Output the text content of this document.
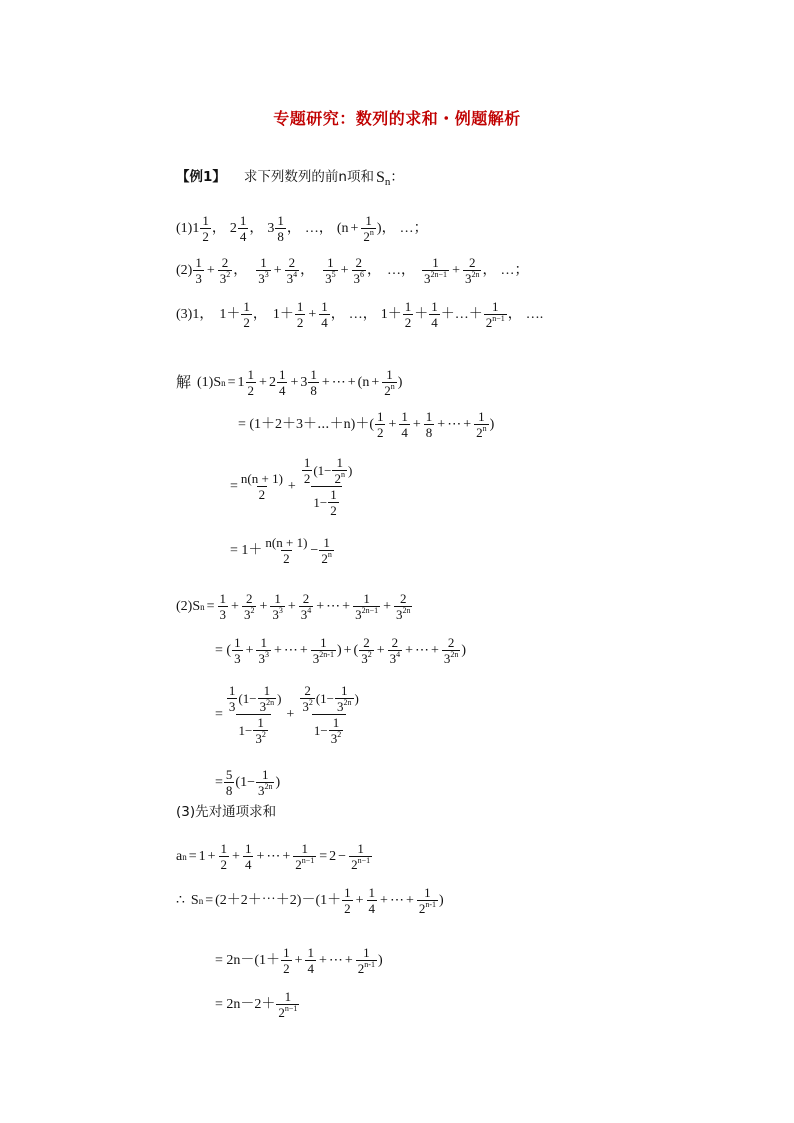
专题研究：数列的求和・例题解析
【例1】 求下列数列的前n项和 $S_n$ ：
$(1)1 \frac{1}{2}$ ， $2 \frac{1}{4}$ ， $3 \frac{1}{8}$ ， …， ($n + \frac{1}{2^n}$ )， …；
$(2) \frac{1}{3} + \frac{2}{3^2}$ ， $\frac{1}{3^3} + \frac{2}{3^4}$ ， $\frac{1}{3^5} + \frac{2}{3^6}$ ， …， $\frac{1}{3^{2n-1}} + \frac{2}{3^{2n}}$ ， …；
(3)1， $1+ \frac{1}{2}$ ， $1+ \frac{1}{2} + \frac{1}{4}$ ， …， $1+ \frac{1}{2} + \frac{1}{4}$ ＋…＋ $\frac{1}{2^{n-1}}$ ， ….
解 (1)S $n = 1 \frac{1}{2} + 2 \frac{1}{4} + 3 \frac{1}{8}$ + ⋯ + ($n + \frac{1}{2^n}$ )
= (1＋2＋3＋⋯＋n)＋( $\frac{1}{2} + \frac{1}{4} + \frac{1}{8}$ + ⋯ + $\frac{1}{2^n}$ )
= $\frac{n(n + 1)}{2} + \frac{\frac{1}{2} (1- \frac{1}{2^n} )}{1- \frac{1}{2}}$
= $1+ \frac{n(n + 1)}{2} - \frac{1}{2^n}$
(2)S $n = \frac{1}{3} + \frac{2}{3^2} + \frac{1}{3^3} + \frac{2}{3^4}$ + ⋯ + $\frac{1}{3^{2n-1}} + \frac{2}{3^{2n}}$
= ( $\frac{1}{3} + \frac{1}{3^3}$ + ⋯ + $\frac{1}{3^{2n-1}}$ ) + ( $\frac{2}{3^2} + \frac{2}{3^4}$ + ⋯ + $\frac{2}{3^{2n}}$ )
= $\frac{\frac{1}{3} (1- \frac{1}{3^{2n}} )}{1- \frac{1}{3^2}} + \frac{\frac{2}{3^2} (1- \frac{1}{3^{2n}} )}{1- \frac{1}{3^2}}$
= $\frac{5}{8} (1- \frac{1}{3^{2n}}$ )
(3)先对通项求和
a $n = 1 + \frac{1}{2} + \frac{1}{4}$ + ⋯ + $\frac{1}{2^{n-1}} = 2 - \frac{1}{2^{n-1}}$
∴ S n = (2＋2＋⋯＋2)－(1＋ $\frac{1}{2} + \frac{1}{4}$ + ⋯ + $\frac{1}{2^{n-1}}$ )
= $2n-(1+ \frac{1}{2} + \frac{1}{4}$ + ⋯ + $\frac{1}{2^{n-1}}$ )
= $2n-2+ \frac{1}{2^{n-1}}$
